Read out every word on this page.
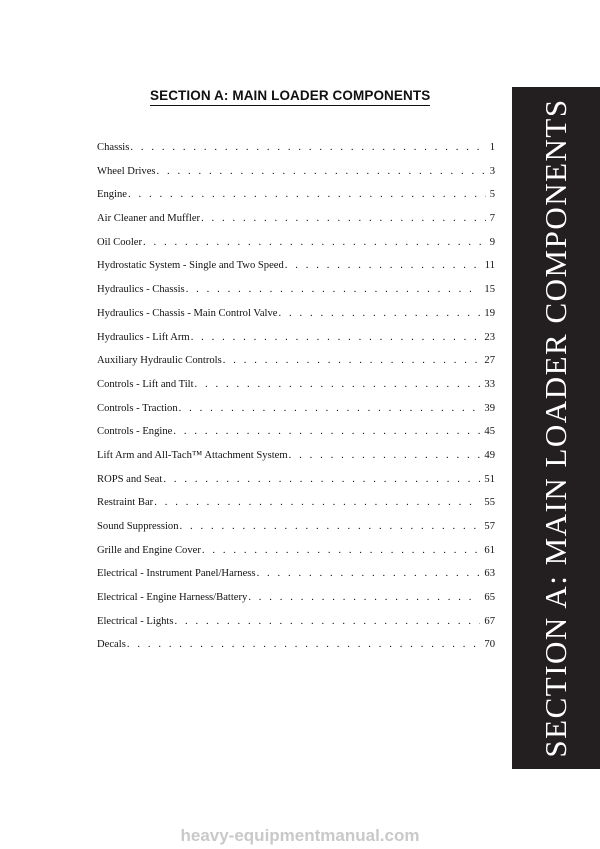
SECTION A: MAIN LOADER COMPONENTS
Chassis . . .	1
Wheel Drives . . .	3
Engine . . .	5
Air Cleaner and Muffler . . .	7
Oil Cooler . . .	9
Hydrostatic System - Single and Two Speed . . .	11
Hydraulics - Chassis . . .	15
Hydraulics - Chassis - Main Control Valve . . .	19
Hydraulics - Lift Arm . . .	23
Auxiliary Hydraulic Controls . . .	27
Controls - Lift and Tilt . . .	33
Controls - Traction . . .	39
Controls - Engine . . .	45
Lift Arm and All-Tach™ Attachment System . . .	49
ROPS and Seat . . .	51
Restraint Bar . . .	55
Sound Suppression . . .	57
Grille and Engine Cover . . .	61
Electrical - Instrument Panel/Harness . . .	63
Electrical - Engine Harness/Battery . . .	65
Electrical - Lights . . .	67
Decals . . .	70 SECTION A: MAIN LOADER COMPONENTS
heavy-equipmentmanual.com
